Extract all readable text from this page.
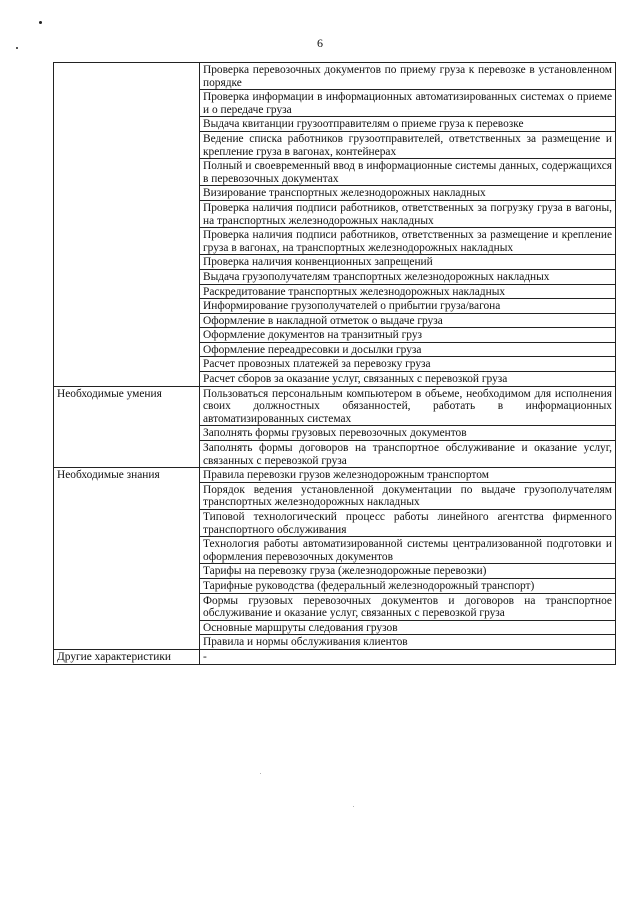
6
	Проверка перевозочных документов по приему груза к перевозке в установленном порядке
	Проверка информации в информационных автоматизированных системах о приеме и о передаче груза
	Выдача квитанции грузоотправителям о приеме груза к перевозке
	Ведение списка работников грузоотправителей, ответственных за размещение и крепление груза в вагонах, контейнерах
	Полный и своевременный ввод в информационные системы данных, содержащихся в перевозочных документах
	Визирование транспортных железнодорожных накладных
	Проверка наличия подписи работников, ответственных за погрузку груза в вагоны, на транспортных железнодорожных накладных
	Проверка наличия подписи работников, ответственных за размещение и крепление груза в вагонах, на транспортных железнодорожных накладных
	Проверка наличия конвенционных запрещений
	Выдача грузополучателям транспортных железнодорожных накладных
	Раскредитование транспортных железнодорожных накладных
	Информирование грузополучателей о прибытии груза/вагона
	Оформление в накладной отметок о выдаче груза
	Оформление документов на транзитный груз
	Оформление переадресовки и досылки груза
	Расчет провозных платежей за перевозку груза
	Расчет сборов за оказание услуг, связанных с перевозкой груза
Необходимые умения	Пользоваться персональным компьютером в объеме, необходимом для исполнения своих должностных обязанностей, работать в информационных автоматизированных системах
	Заполнять формы грузовых перевозочных документов
	Заполнять формы договоров на транспортное обслуживание и оказание услуг, связанных с перевозкой груза
Необходимые знания	Правила перевозки грузов железнодорожным транспортом
	Порядок ведения установленной документации по выдаче грузополучателям транспортных железнодорожных накладных
	Типовой технологический процесс работы линейного агентства фирменного транспортного обслуживания
	Технология работы автоматизированной системы централизованной подготовки и оформления перевозочных документов
	Тарифы на перевозку груза (железнодорожные перевозки)
	Тарифные руководства (федеральный железнодорожный транспорт)
	Формы грузовых перевозочных документов и договоров на транспортное обслуживание и оказание услуг, связанных с перевозкой груза
	Основные маршруты следования грузов
	Правила и нормы обслуживания клиентов
Другие характеристики	-
